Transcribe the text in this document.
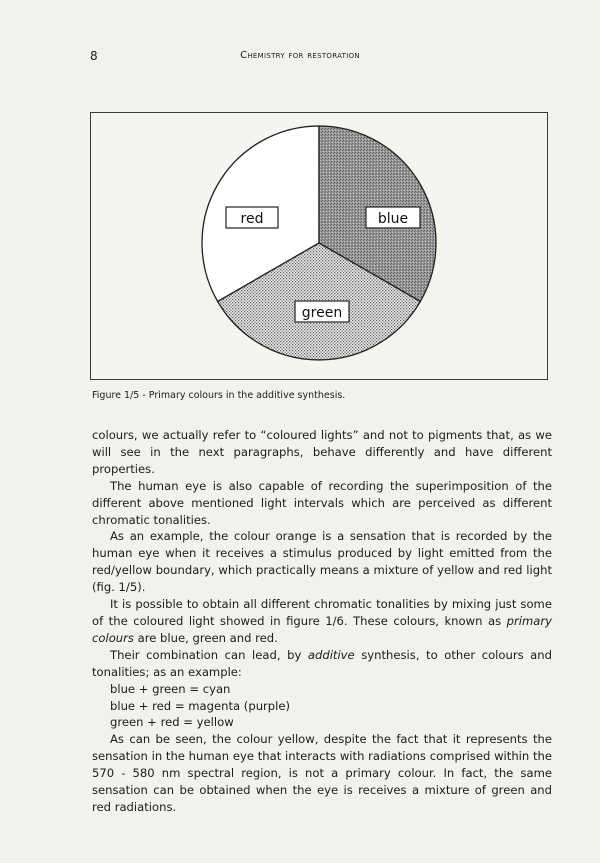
8	Chemistry for restoration
red	blue
green
Figure 1/5 - Primary colours in the additive synthesis.

colours, we actually refer to “coloured lights” and not to pigments that, as we will see in the next paragraphs, behave differently and have different properties.

The human eye is also capable of recording the superimposition of the different above mentioned light intervals which are perceived as different chromatic tonalities.

As an example, the colour orange is a sensation that is recorded by the human eye when it receives a stimulus produced by light emitted from the red/yellow boundary, which practically means a mixture of yellow and red light (fig. 1/5).

It is possible to obtain all different chromatic tonalities by mixing just some of the coloured light showed in figure 1/6. These colours, known as primary colours are blue, green and red.

Their combination can lead, by additive synthesis, to other colours and tonalities; as an example:

blue + green = cyan

blue + red = magenta (purple)

green + red = yellow

As can be seen, the colour yellow, despite the fact that it represents the sensation in the human eye that interacts with radiations comprised within the 570 - 580 nm spectral region, is not a primary colour. In fact, the same sensation can be obtained when the eye is receives a mixture of green and red radiations.
